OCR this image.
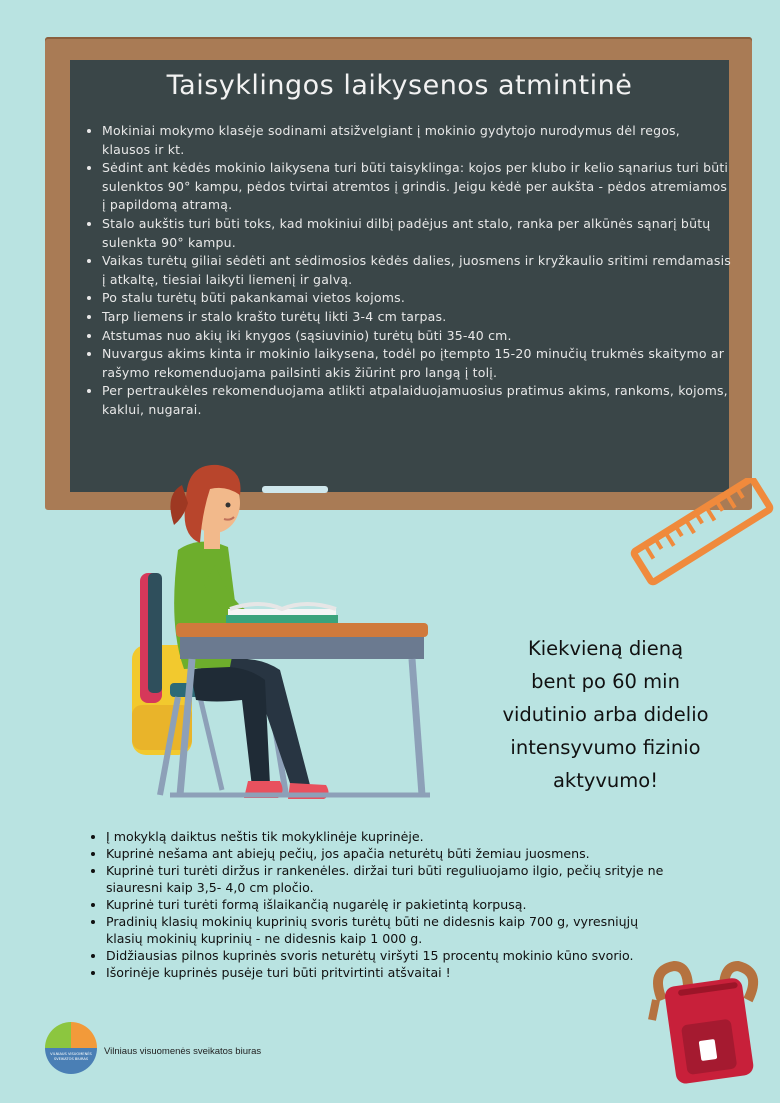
Taisyklingos laikysenos atmintinė
• Mokiniai mokymo klasėje sodinami atsižvelgiant į mokinio gydytojo nurodymus dėl regos, klausos ir kt.
• Sėdint ant kėdės mokinio laikysena turi būti taisyklinga: kojos per klubo ir kelio sąnarius turi būti sulenktos 90° kampu, pėdos tvirtai atremtos į grindis. Jeigu kėdė per aukšta - pėdos atremiamos į papildomą atramą.
• Stalo aukštis turi būti toks, kad mokiniui dilbį padėjus ant stalo, ranka per alkūnės sąnarį būtų sulenkta 90° kampu.
• Vaikas turėtų giliai sėdėti ant sėdimosios kėdės dalies, juosmens ir kryžkaulio sritimi remdamasis į atkaltę, tiesiai laikyti liemenį ir galvą.
• Po stalu turėtų būti pakankamai vietos kojoms.
• Tarp liemens ir stalo krašto turėtų likti 3-4 cm tarpas.
• Atstumas nuo akių iki knygos (sąsiuvinio) turėtų būti 35-40 cm.
• Nuvargus akims kinta ir mokinio laikysena, todėl po įtempto 15-20 minučių trukmės skaitymo ar rašymo rekomenduojama pailsinti akis žiūrint pro langą į tolį.
• Per pertraukėles rekomenduojama atlikti atpalaiduojamuosius pratimus akims, rankoms, kojoms, kaklui, nugarai.
Kiekvieną dieną
bent po 60 min
vidutinio arba didelio
intensyvumo fizinio
aktyvumo!
• Į mokyklą daiktus neštis tik mokyklinėje kuprinėje.
• Kuprinė nešama ant abiejų pečių, jos apačia neturėtų būti žemiau juosmens.
• Kuprinė turi turėti diržus ir rankenėles. diržai turi būti reguliuojamo ilgio, pečių srityje ne siauresni kaip 3,5- 4,0 cm pločio.
• Kuprinė turi turėti formą išlaikančią nugarėlę ir pakietintą korpusą.
• Pradinių klasių mokinių kuprinių svoris turėtų būti ne didesnis kaip 700 g, vyresniųjų klasių mokinių kuprinių - ne didesnis kaip 1 000 g.
• Didžiausias pilnos kuprinės svoris neturėtų viršyti 15 procentų mokinio kūno svorio.
• Išorinėje kuprinės pusėje turi būti pritvirtinti atšvaitai !
VILNIAUS VISUOMENĖS
SVEIKATOS BIURAS
Vilniaus visuomenės sveikatos biuras
